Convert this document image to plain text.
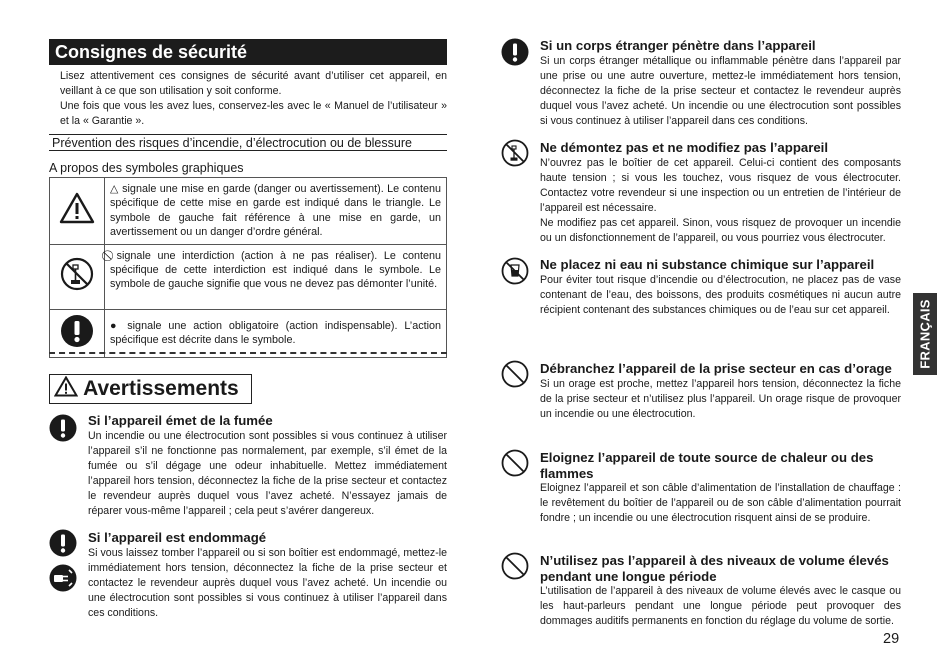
Consignes de sécurité

Lisez attentivement ces consignes de sécurité avant d’utiliser cet appareil, en veillant à ce que son utilisation y soit conforme.

Une fois que vous les avez lues, conservez-les avec le « Manuel de l’utilisateur » et la « Garantie ».

Prévention des risques d’incendie, d’électrocution ou de blessure
A propos des symboles graphiques
	△ signale une mise en garde (danger ou avertissement). Le contenu spécifique de cette mise en garde est indiqué dans le triangle. Le symbole de gauche fait référence à une mise en garde, un avertissement ou un danger d’ordre général.
	⃠ signale une interdiction (action à ne pas réaliser). Le contenu spécifique de cette interdiction est indiqué dans le symbole. Le symbole de gauche signifie que vous ne devez pas démonter l’unité.
	● signale une action obligatoire (action indispensable). L’action spécifique est décrite dans le symbole.
Avertissements

Si l’appareil émet de la fumée

Un incendie ou une électrocution sont possibles si vous continuez à utiliser l’appareil s’il ne fonctionne pas normalement, par exemple, s’il émet de la fumée ou s’il dégage une odeur inhabituelle. Mettez immédiatement l’appareil hors tension, déconnectez la fiche de la prise secteur et contactez le revendeur auprès duquel vous l’avez acheté. N’essayez jamais de réparer vous-même l’appareil ; cela peut s’avérer dangereux.

Si l’appareil est endommagé

Si vous laissez tomber l’appareil ou si son boîtier est endommagé, mettez-le immédiatement hors tension, déconnectez la fiche de la prise secteur et contactez le revendeur auprès duquel vous l’avez acheté. Un incendie ou une électrocution sont possibles si vous continuez à utiliser l’appareil dans ces conditions.

Si un corps étranger pénètre dans l’appareil

Si un corps étranger métallique ou inflammable pénètre dans l’appareil par une prise ou une autre ouverture, mettez-le immédiatement hors tension, déconnectez la fiche de la prise secteur et contactez le revendeur auprès duquel vous l’avez acheté. Un incendie ou une électrocution sont possibles si vous continuez à utiliser l’appareil dans ces conditions.

Ne démontez pas et ne modifiez pas l’appareil

N’ouvrez pas le boîtier de cet appareil. Celui-ci contient des composants haute tension ; si vous les touchez, vous risquez de vous électrocuter. Contactez votre revendeur si une inspection ou un entretien de l’intérieur de l’appareil est nécessaire.

Ne modifiez pas cet appareil. Sinon, vous risquez de provoquer un incendie ou un disfonctionnement de l’appareil, ou vous pourriez vous électrocuter.

Ne placez ni eau ni substance chimique sur l’appareil

Pour éviter tout risque d’incendie ou d’électrocution, ne placez pas de vase contenant de l’eau, des boissons, des produits cosmétiques ni aucun autre récipient contenant des substances chimiques ou de l’eau sur cet appareil.

Débranchez l’appareil de la prise secteur en cas d’orage

Si un orage est proche, mettez l’appareil hors tension, déconnectez la fiche de la prise secteur et n’utilisez plus l’appareil. Un orage risque de provoquer un incendie ou une électrocution.

Eloignez l’appareil de toute source de chaleur ou des flammes

Eloignez l’appareil et son câble d’alimentation de l’installation de chauffage : le revêtement du boîtier de l’appareil ou de son câble d’alimentation pourrait fondre ; un incendie ou une électrocution risquent ainsi de se produire.

N’utilisez pas l’appareil à des niveaux de volume élevés pendant une longue période

L’utilisation de l’appareil à des niveaux de volume élevés avec le casque ou les haut-parleurs pendant une longue période peut provoquer des dommages auditifs permanents en fonction du réglage du volume de sortie.

FRANÇAIS
29
